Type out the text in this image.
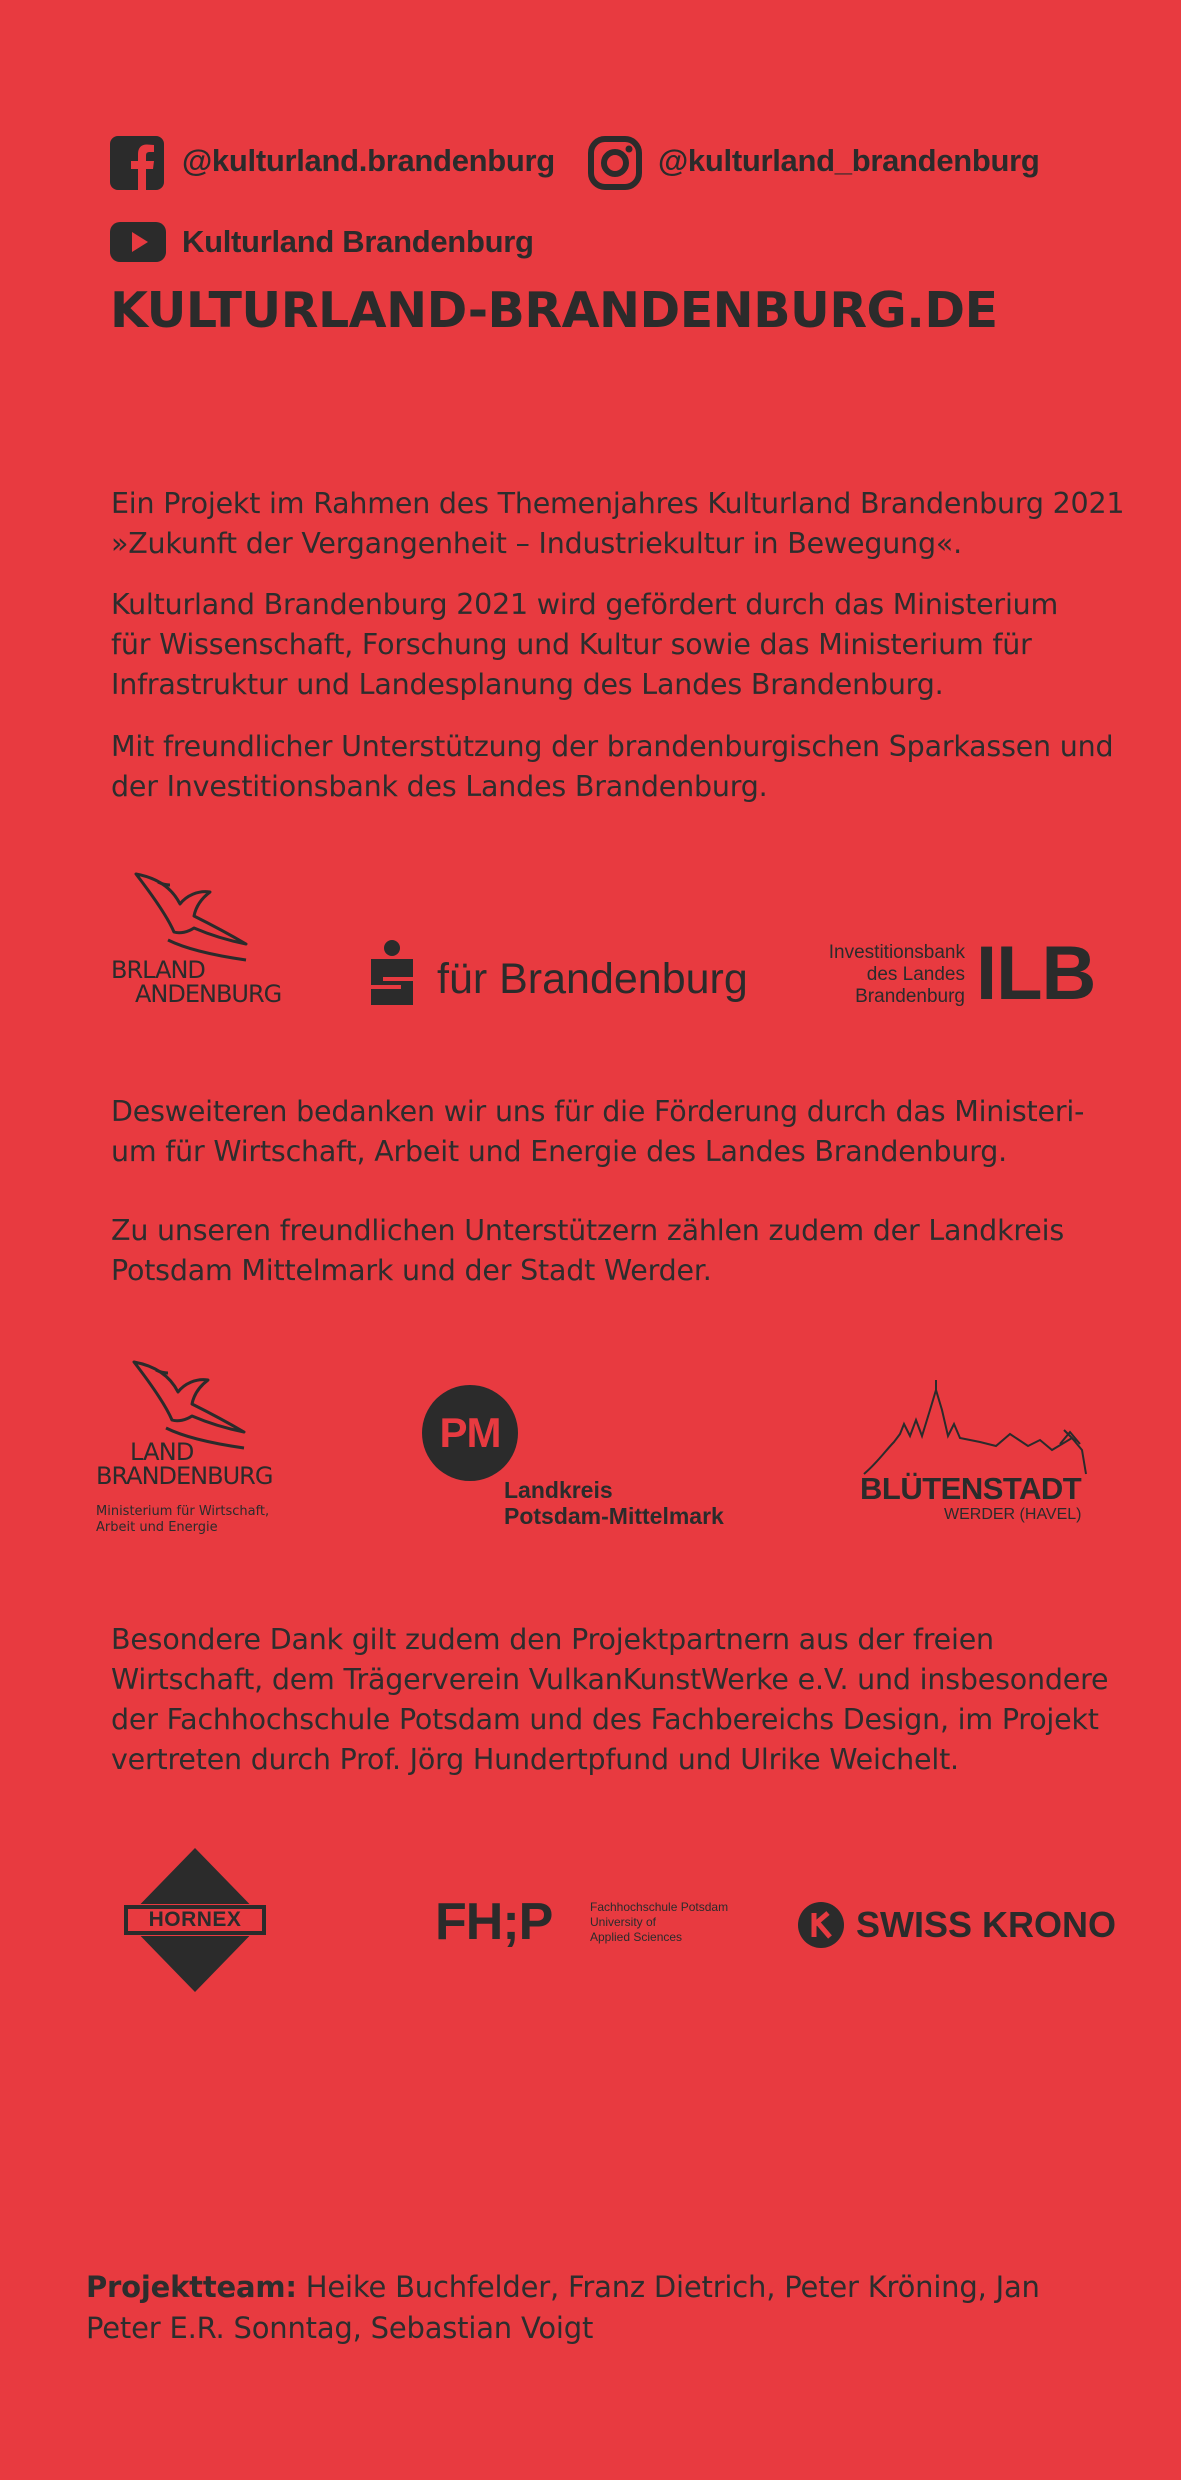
@kulturland.brandenburg	@kulturland_brandenburg
Kulturland Brandenburg
KULTURLAND-BRANDENBURG.DE

Ein Projekt im Rahmen des Themenjahres Kulturland Brandenburg 2021
»Zukunft der Vergangenheit – Industriekultur in Bewegung«.

Kulturland Brandenburg 2021 wird gefördert durch das Ministerium
für Wissenschaft, Forschung und Kultur sowie das Ministerium für
Infrastruktur und Landesplanung des Landes Brandenburg.

Mit freundlicher Unterstützung der brandenburgischen Sparkassen und
der Investitionsbank des Landes Brandenburg.

BRLAND
ANDENBURG	für Brandenburg
Investitionsbank
des Landes
Brandenburg ILB

Desweiteren bedanken wir uns für die Förderung durch das Ministeri-
um für Wirtschaft, Arbeit und Energie des Landes Brandenburg.

Zu unseren freundlichen Unterstützern zählen zudem der Landkreis
Potsdam Mittelmark und der Stadt Werder.

LAND
BRANDENBURG
Ministerium für Wirtschaft,
Arbeit und Energie
PM
Landkreis
Potsdam-Mittelmark
BLÜTENSTADT
WERDER (HAVEL)

Besondere Dank gilt zudem den Projektpartnern aus der freien
Wirtschaft, dem Trägerverein VulkanKunstWerke e.V. und insbesondere
der Fachhochschule Potsdam und des Fachbereichs Design, im Projekt
vertreten durch Prof. Jörg Hundertpfund und Ulrike Weichelt.

HORNEX	FH;P	Fachhochschule Potsdam
University of
Applied Sciences	SWISS KRONO
Projektteam: Heike Buchfelder, Franz Dietrich, Peter Kröning, Jan
Peter E.R. Sonntag, Sebastian Voigt
